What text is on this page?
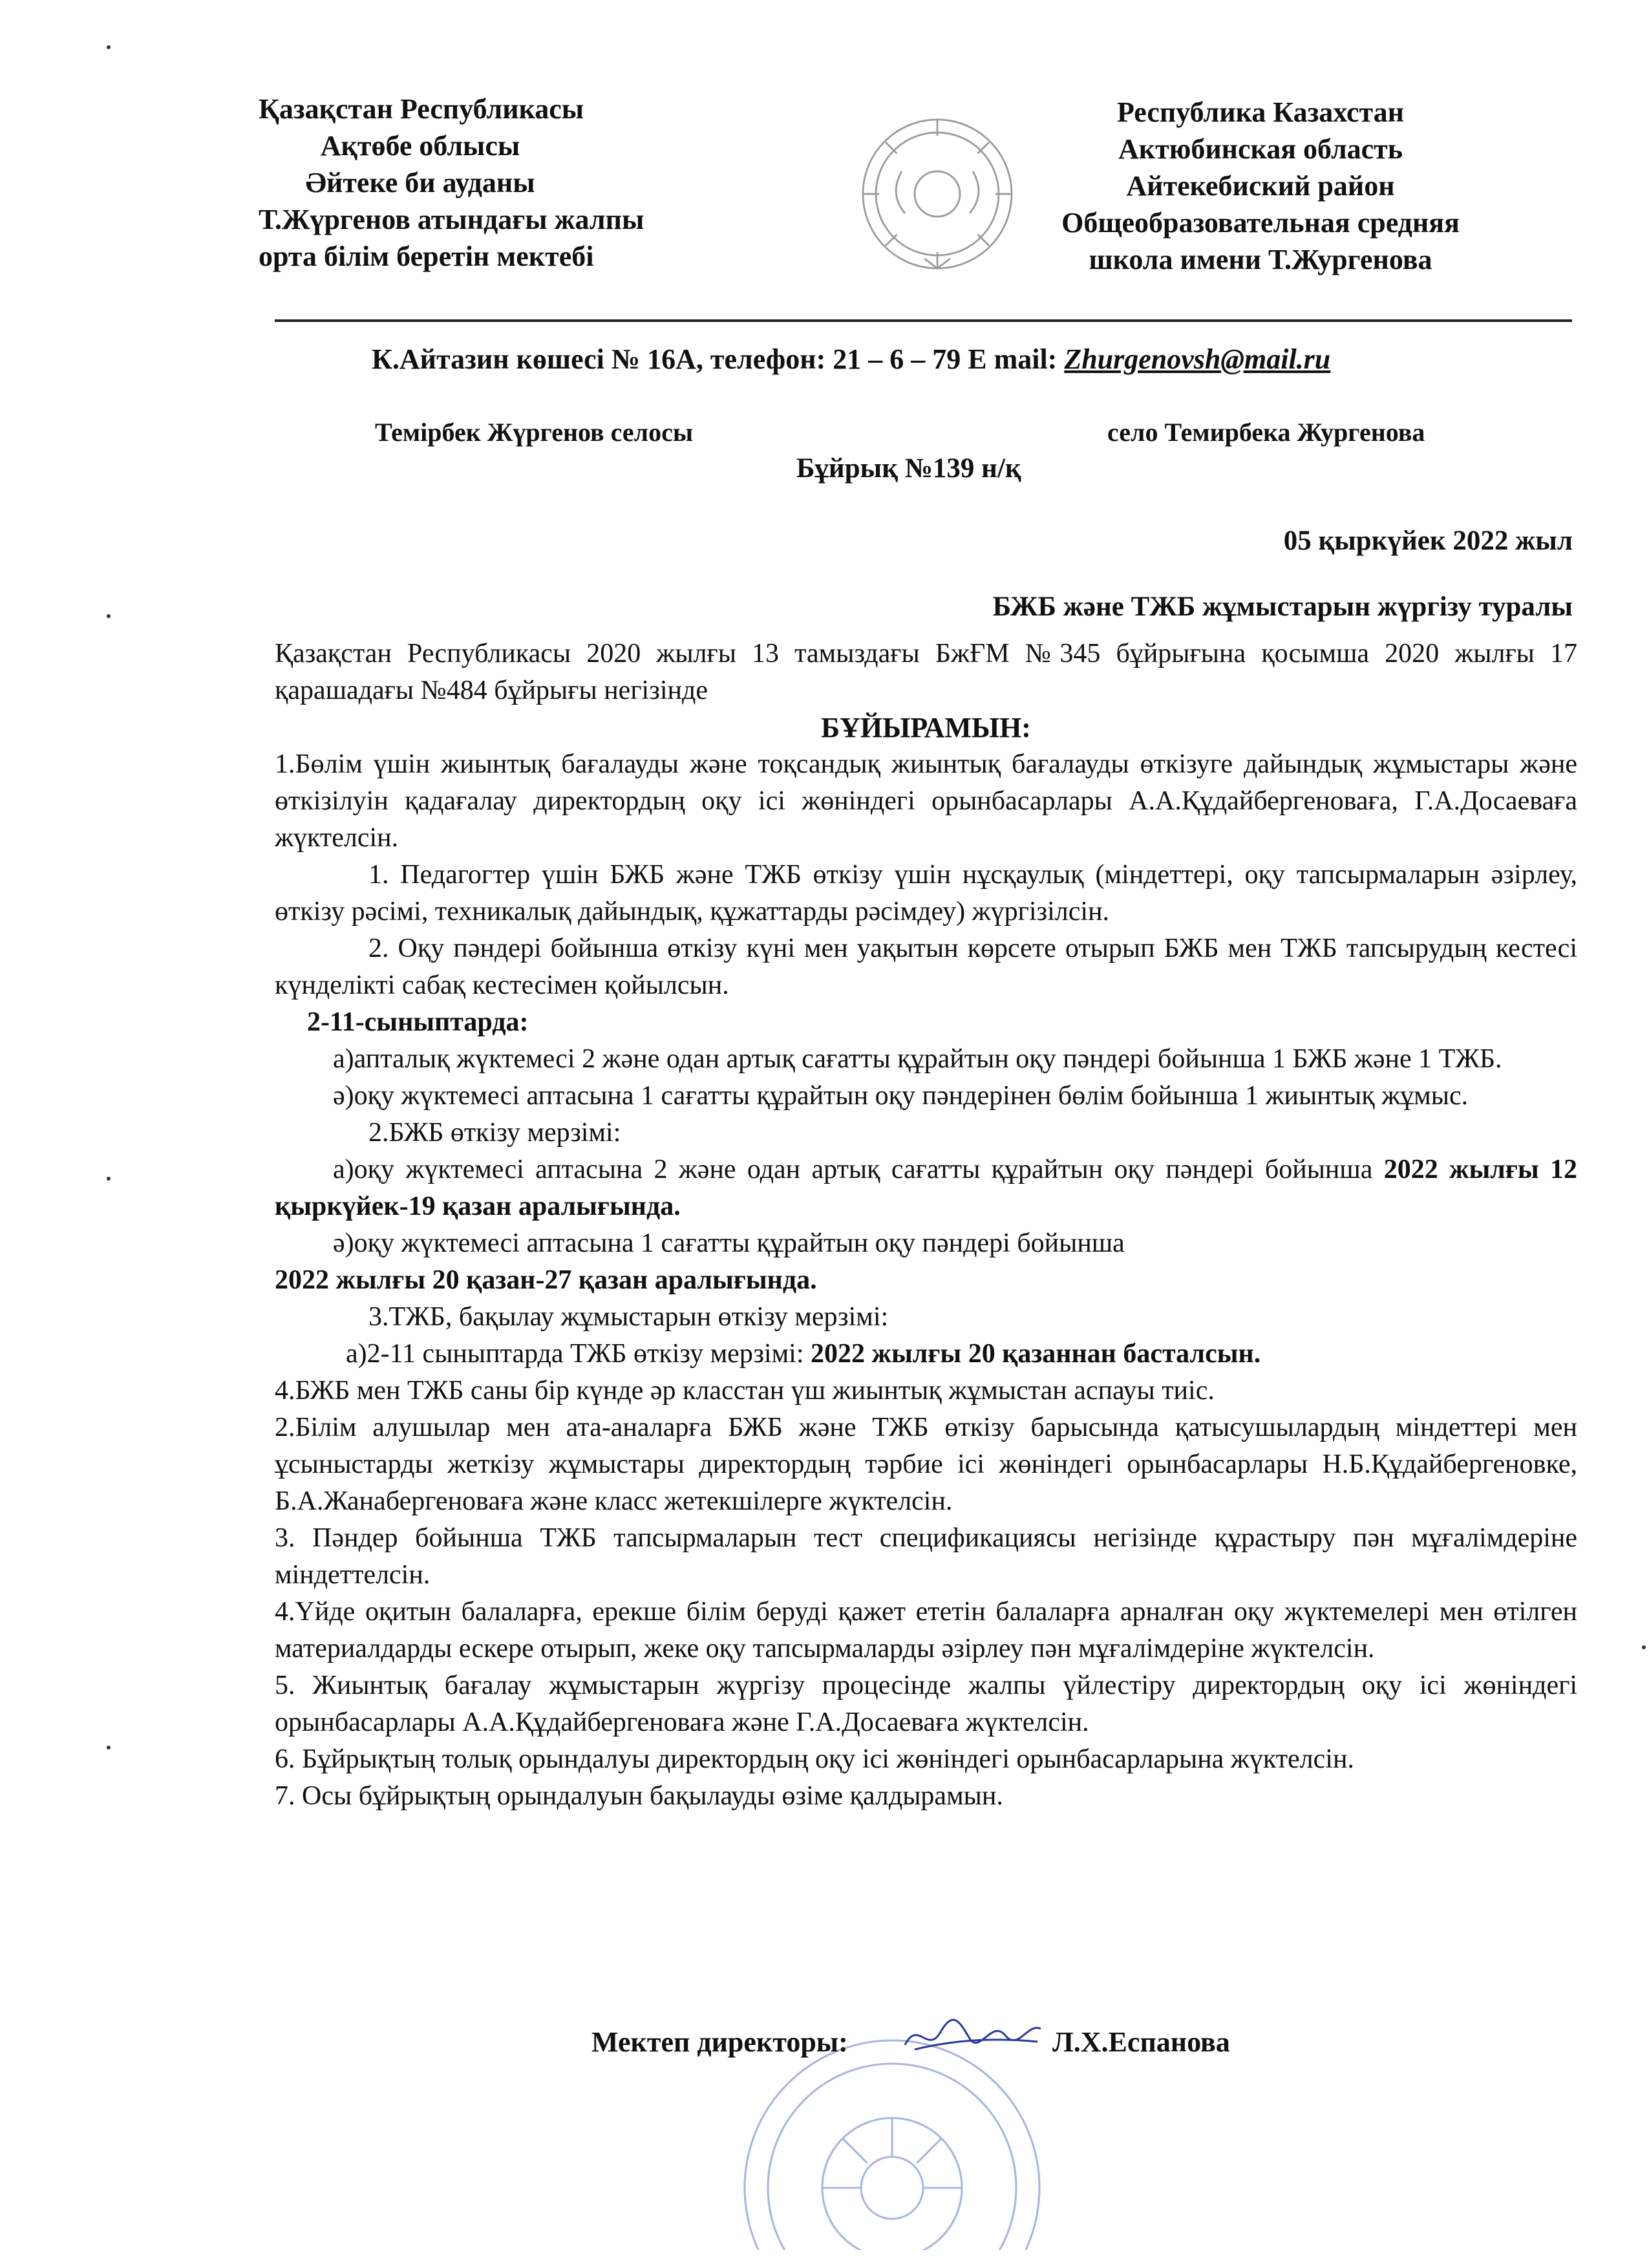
Қазақстан Республикасы
Ақтөбе облысы
Әйтеке би ауданы
Т.Жүргенов атындағы жалпы
орта білім беретін мектебі
Республика Казахстан
Актюбинская область
Айтекебиский район
Общеобразовательная средняя
школа имени Т.Жургенова
К.Айтазин көшесі № 16А, телефон: 21 – 6 – 79 E mail: Zhurgenovsh@mail.ru
Темірбек Жүргенов селосы	село Темирбека Жургенова
Бұйрық №139 н/қ
05 қыркүйек 2022 жыл
БЖБ және ТЖБ жұмыстарын жүргізу туралы

Қазақстан Республикасы 2020 жылғы 13 тамыздағы БжҒМ №345 бұйрығына қосымша 2020 жылғы 17 қарашадағы №484 бұйрығы негізінде

БҰЙЫРАМЫН:

1.Бөлім үшін жиынтық бағалауды және тоқсандық жиынтық бағалауды өткізуге дайындық жұмыстары және өткізілуін қадағалау директордың оқу ісі жөніндегі орынбасарлары А.А.Құдайбергеноваға, Г.А.Досаеваға жүктелсін.

1. Педагогтер үшін БЖБ және ТЖБ өткізу үшін нұсқаулық (міндеттері, оқу тапсырмаларын әзірлеу, өткізу рәсімі, техникалық дайындық, құжаттарды рәсімдеу) жүргізілсін.

2. Оқу пәндері бойынша өткізу күні мен уақытын көрсете отырып БЖБ мен ТЖБ тапсырудың кестесі күнделікті сабақ кестесімен қойылсын.

2-11-сыныптарда:

а)апталық жүктемесі 2 және одан артық сағатты құрайтын оқу пәндері бойынша 1 БЖБ және 1 ТЖБ.

ә)оқу жүктемесі аптасына 1 сағатты құрайтын оқу пәндерінен бөлім бойынша 1 жиынтық жұмыс.

2.БЖБ өткізу мерзімі:

а)оқу жүктемесі аптасына 2 және одан артық сағатты құрайтын оқу пәндері бойынша 2022 жылғы 12 қыркүйек-19 қазан аралығында.

ә)оқу жүктемесі аптасына 1 сағатты құрайтын оқу пәндері бойынша

2022 жылғы 20 қазан-27 қазан аралығында.

3.ТЖБ, бақылау жұмыстарын өткізу мерзімі:

а)2-11 сыныптарда ТЖБ өткізу мерзімі: 2022 жылғы 20 қазаннан басталсын.

4.БЖБ мен ТЖБ саны бір күнде әр класстан үш жиынтық жұмыстан аспауы тиіс.

2.Білім алушылар мен ата-аналарға БЖБ және ТЖБ өткізу барысында қатысушылардың міндеттері мен ұсыныстарды жеткізу жұмыстары директордың тәрбие ісі жөніндегі орынбасарлары Н.Б.Құдайбергеновке, Б.А.Жанабергеноваға және класс жетекшілерге жүктелсін.

3. Пәндер бойынша ТЖБ тапсырмаларын тест спецификациясы негізінде құрастыру пән мұғалімдеріне міндеттелсін.

4.Үйде оқитын балаларға, ерекше білім беруді қажет ететін балаларға арналған оқу жүктемелері мен өтілген материалдарды ескере отырып, жеке оқу тапсырмаларды әзірлеу пән мұғалімдеріне жүктелсін.

5. Жиынтық бағалау жұмыстарын жүргізу процесінде жалпы үйлестіру директордың оқу ісі жөніндегі орынбасарлары А.А.Құдайбергеноваға және Г.А.Досаеваға жүктелсін.

6. Бұйрықтың толық орындалуы директордың оқу ісі жөніндегі орынбасарларына жүктелсін.

7. Осы бұйрықтың орындалуын бақылауды өзіме қалдырамын.

Мектеп директоры:	Л.Х.Еспанова
